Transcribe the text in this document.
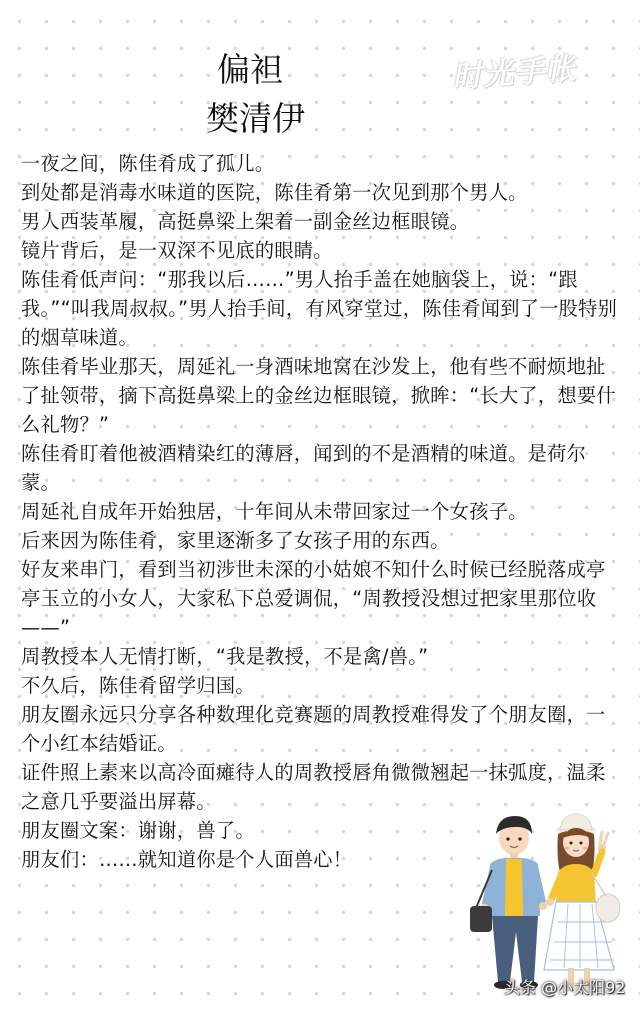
时光手帐
偏袒
樊清伊
一夜之间，陈佳肴成了孤儿。
到处都是消毒水味道的医院，陈佳肴第一次见到那个男人。
男人西装革履，高挺鼻梁上架着一副金丝边框眼镜。
镜片背后，是一双深不见底的眼睛。
陈佳肴低声问：“那我以后……”男人抬手盖在她脑袋上，说：“跟我。”“叫我周叔叔。”男人抬手间，有风穿堂过，陈佳肴闻到了一股特别的烟草味道。
陈佳肴毕业那天，周延礼一身酒味地窝在沙发上，他有些不耐烦地扯了扯领带，摘下高挺鼻梁上的金丝边框眼镜，掀眸：“长大了，想要什么礼物？”
陈佳肴盯着他被酒精染红的薄唇，闻到的不是酒精的味道。是荷尔蒙。
周延礼自成年开始独居，十年间从未带回家过一个女孩子。
后来因为陈佳肴，家里逐渐多了女孩子用的东西。
好友来串门，看到当初涉世未深的小姑娘不知什么时候已经脱落成亭亭玉立的小女人，大家私下总爱调侃，“周教授没想过把家里那位收——”
周教授本人无情打断，“我是教授，不是禽/兽。”
不久后，陈佳肴留学归国。
朋友圈永远只分享各种数理化竞赛题的周教授难得发了个朋友圈，一个小红本结婚证。
证件照上素来以高冷面瘫待人的周教授唇角微微翘起一抹弧度，温柔之意几乎要溢出屏幕。
朋友圈文案：谢谢，兽了。
朋友们：……就知道你是个人面兽心！
头条 @小太阳92
